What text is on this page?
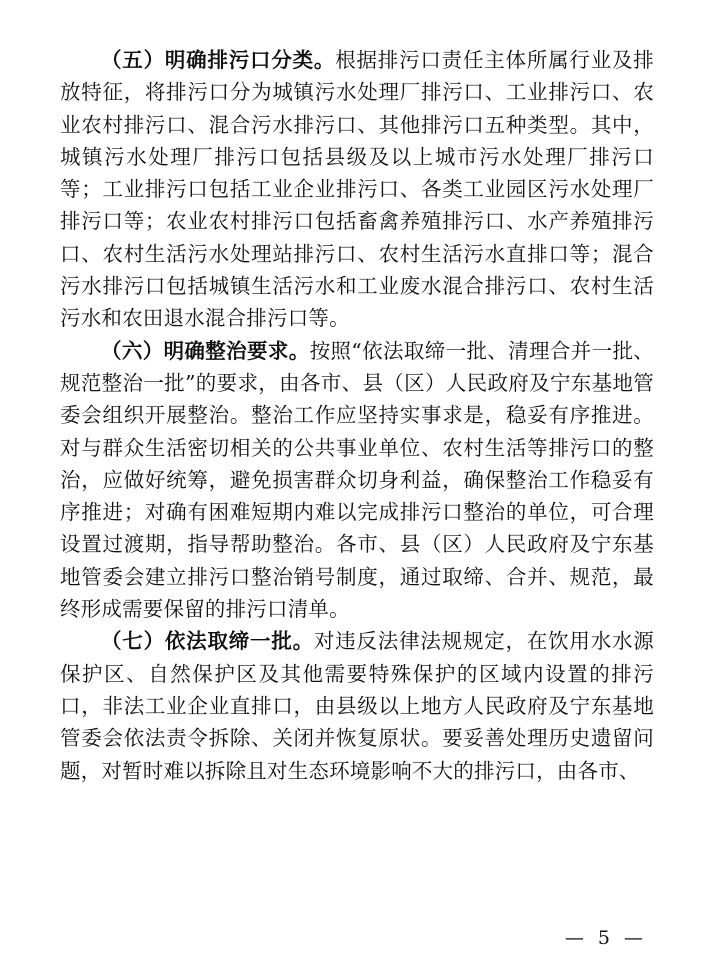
（五）明确排污口分类。根据排污口责任主体所属行业及排放特征，将排污口分为城镇污水处理厂排污口、工业排污口、农业农村排污口、混合污水排污口、其他排污口五种类型。其中，城镇污水处理厂排污口包括县级及以上城市污水处理厂排污口等；工业排污口包括工业企业排污口、各类工业园区污水处理厂排污口等；农业农村排污口包括畜禽养殖排污口、水产养殖排污口、农村生活污水处理站排污口、农村生活污水直排口等；混合污水排污口包括城镇生活污水和工业废水混合排污口、农村生活污水和农田退水混合排污口等。

（六）明确整治要求。按照“依法取缔一批、清理合并一批、规范整治一批”的要求，由各市、县（区）人民政府及宁东基地管委会组织开展整治。整治工作应坚持实事求是，稳妥有序推进。对与群众生活密切相关的公共事业单位、农村生活等排污口的整治，应做好统筹，避免损害群众切身利益，确保整治工作稳妥有序推进；对确有困难短期内难以完成排污口整治的单位，可合理设置过渡期，指导帮助整治。各市、县（区）人民政府及宁东基地管委会建立排污口整治销号制度，通过取缔、合并、规范，最终形成需要保留的排污口清单。

（七）依法取缔一批。对违反法律法规规定，在饮用水水源保护区、自然保护区及其他需要特殊保护的区域内设置的排污口，非法工业企业直排口，由县级以上地方人民政府及宁东基地管委会依法责令拆除、关闭并恢复原状。要妥善处理历史遗留问题，对暂时难以拆除且对生态环境影响不大的排污口，由各市、

— 5 —
